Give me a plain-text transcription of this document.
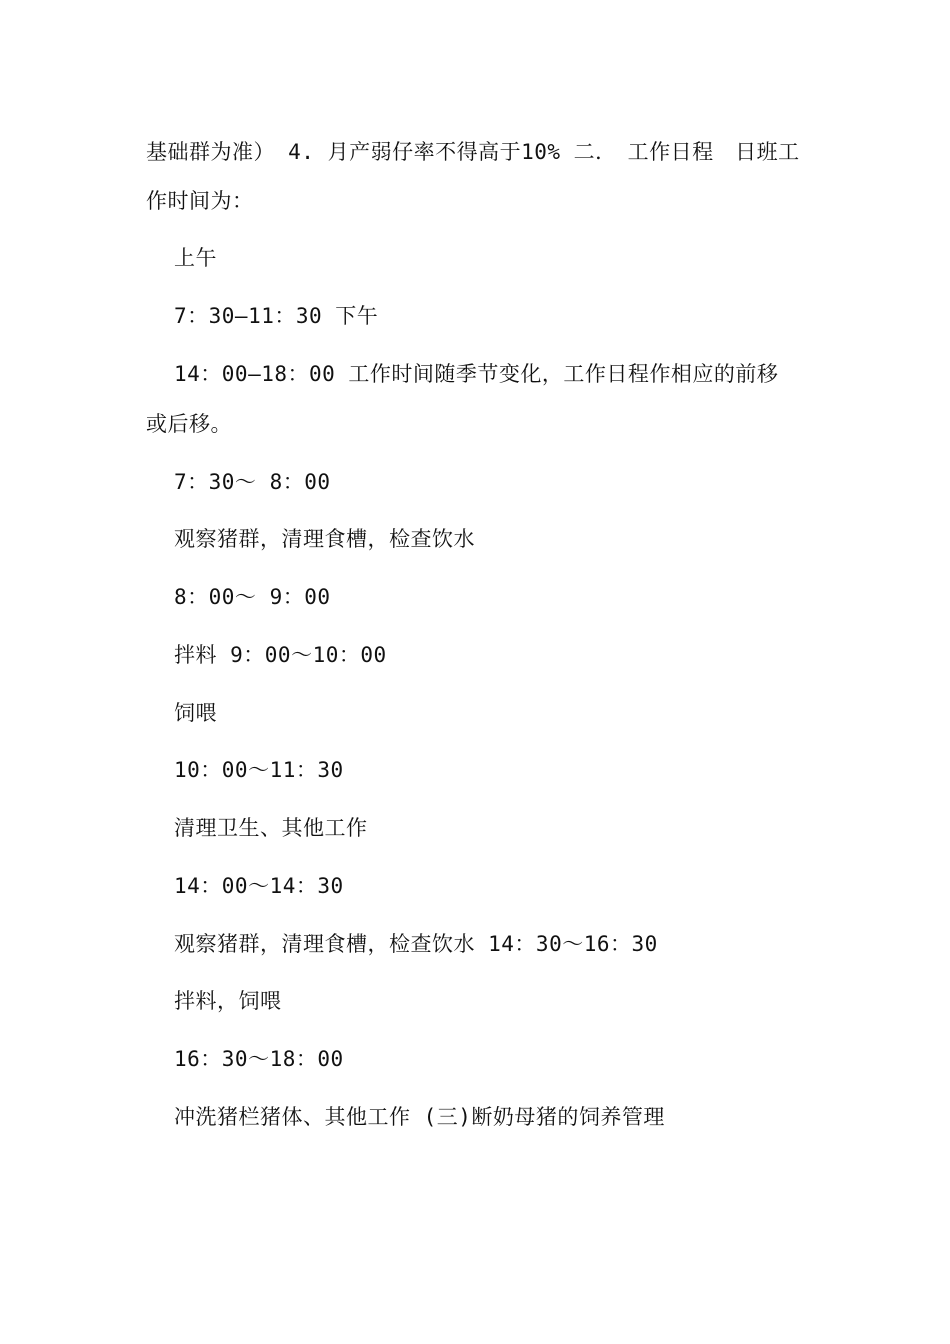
基础群为准） 4. 月产弱仔率不得高于10% 二．　工作日程　日班工
作时间为：
上午
7：30—11：30 下午
14：00—18：00 工作时间随季节变化，工作日程作相应的前移
或后移。
7：30～ 8：00
观察猪群，清理食槽，检查饮水
8：00～ 9：00
拌料 9：00～10：00
饲喂
10：00～11：30
清理卫生、其他工作
14：00～14：30
观察猪群，清理食槽，检查饮水 14：30～16：30
拌料，饲喂
16：30～18：00
冲洗猪栏猪体、其他工作 (三)断奶母猪的饲养管理
